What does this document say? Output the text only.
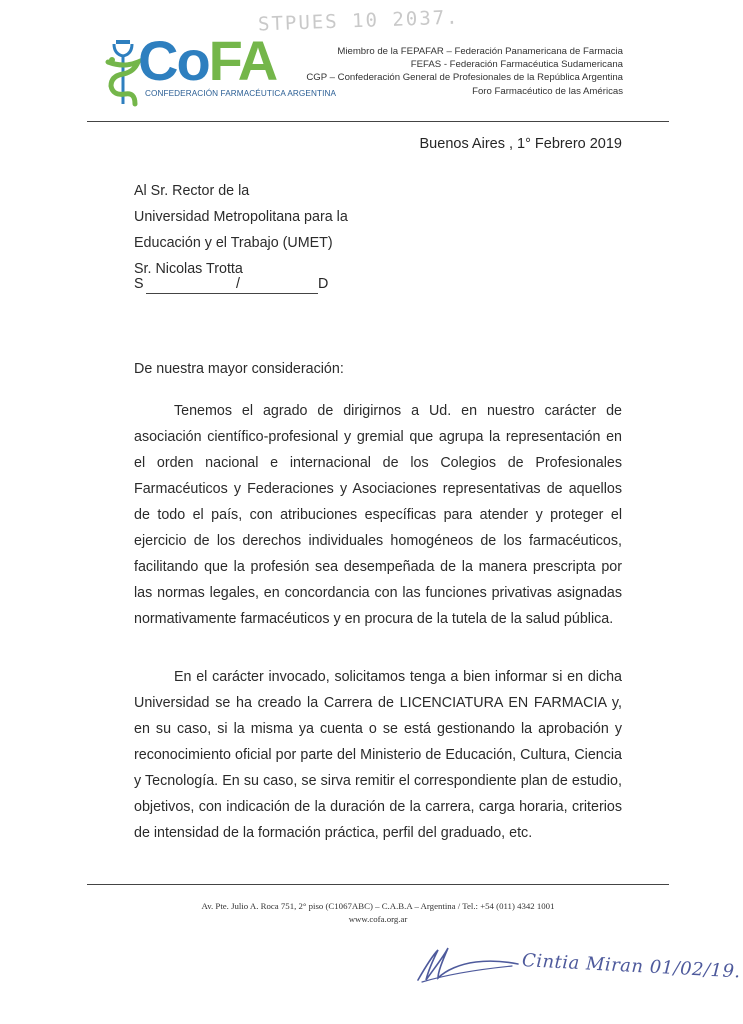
STPUES 10 2037.
CoFA
CONFEDERACIÓN FARMACÉUTICA ARGENTINA
Miembro de la FEPAFAR – Federación Panamericana de Farmacia
FEFAS - Federación Farmacéutica Sudamericana
CGP – Confederación General de Profesionales de la República Argentina
Foro Farmacéutico de las Américas
Buenos Aires , 1° Febrero 2019
Al Sr. Rector de la
Universidad Metropolitana para la
Educación y el Trabajo (UMET)
Sr. Nicolas Trotta
S	/	D
De nuestra mayor consideración:

Tenemos el agrado de dirigirnos a Ud. en nuestro carácter de asociación científico-profesional y gremial que agrupa la representación en el orden nacional e internacional de los Colegios de Profesionales Farmacéuticos y Federaciones y Asociaciones representativas de aquellos de todo el país, con atribuciones específicas para atender y proteger el ejercicio de los derechos individuales homogéneos de los farmacéuticos, facilitando que la profesión sea desempeñada de la manera prescripta por las normas legales, en concordancia con las funciones privativas asignadas normativamente farmacéuticos y en procura de la tutela de la salud pública.

En el carácter invocado, solicitamos tenga a bien informar si en dicha Universidad se ha creado la Carrera de LICENCIATURA EN FARMACIA y, en su caso, si la misma ya cuenta o se está gestionando la aprobación y reconocimiento oficial por parte del Ministerio de Educación, Cultura, Ciencia y Tecnología. En su caso, se sirva remitir el correspondiente plan de estudio, objetivos, con indicación de la duración de la carrera, carga horaria, criterios de intensidad de la formación práctica, perfil del graduado, etc.

Av. Pte. Julio A. Roca 751, 2° piso (C1067ABC) – C.A.B.A – Argentina / Tel.: +54 (011) 4342 1001
www.cofa.org.ar
Cintia Miran 01/02/19.
